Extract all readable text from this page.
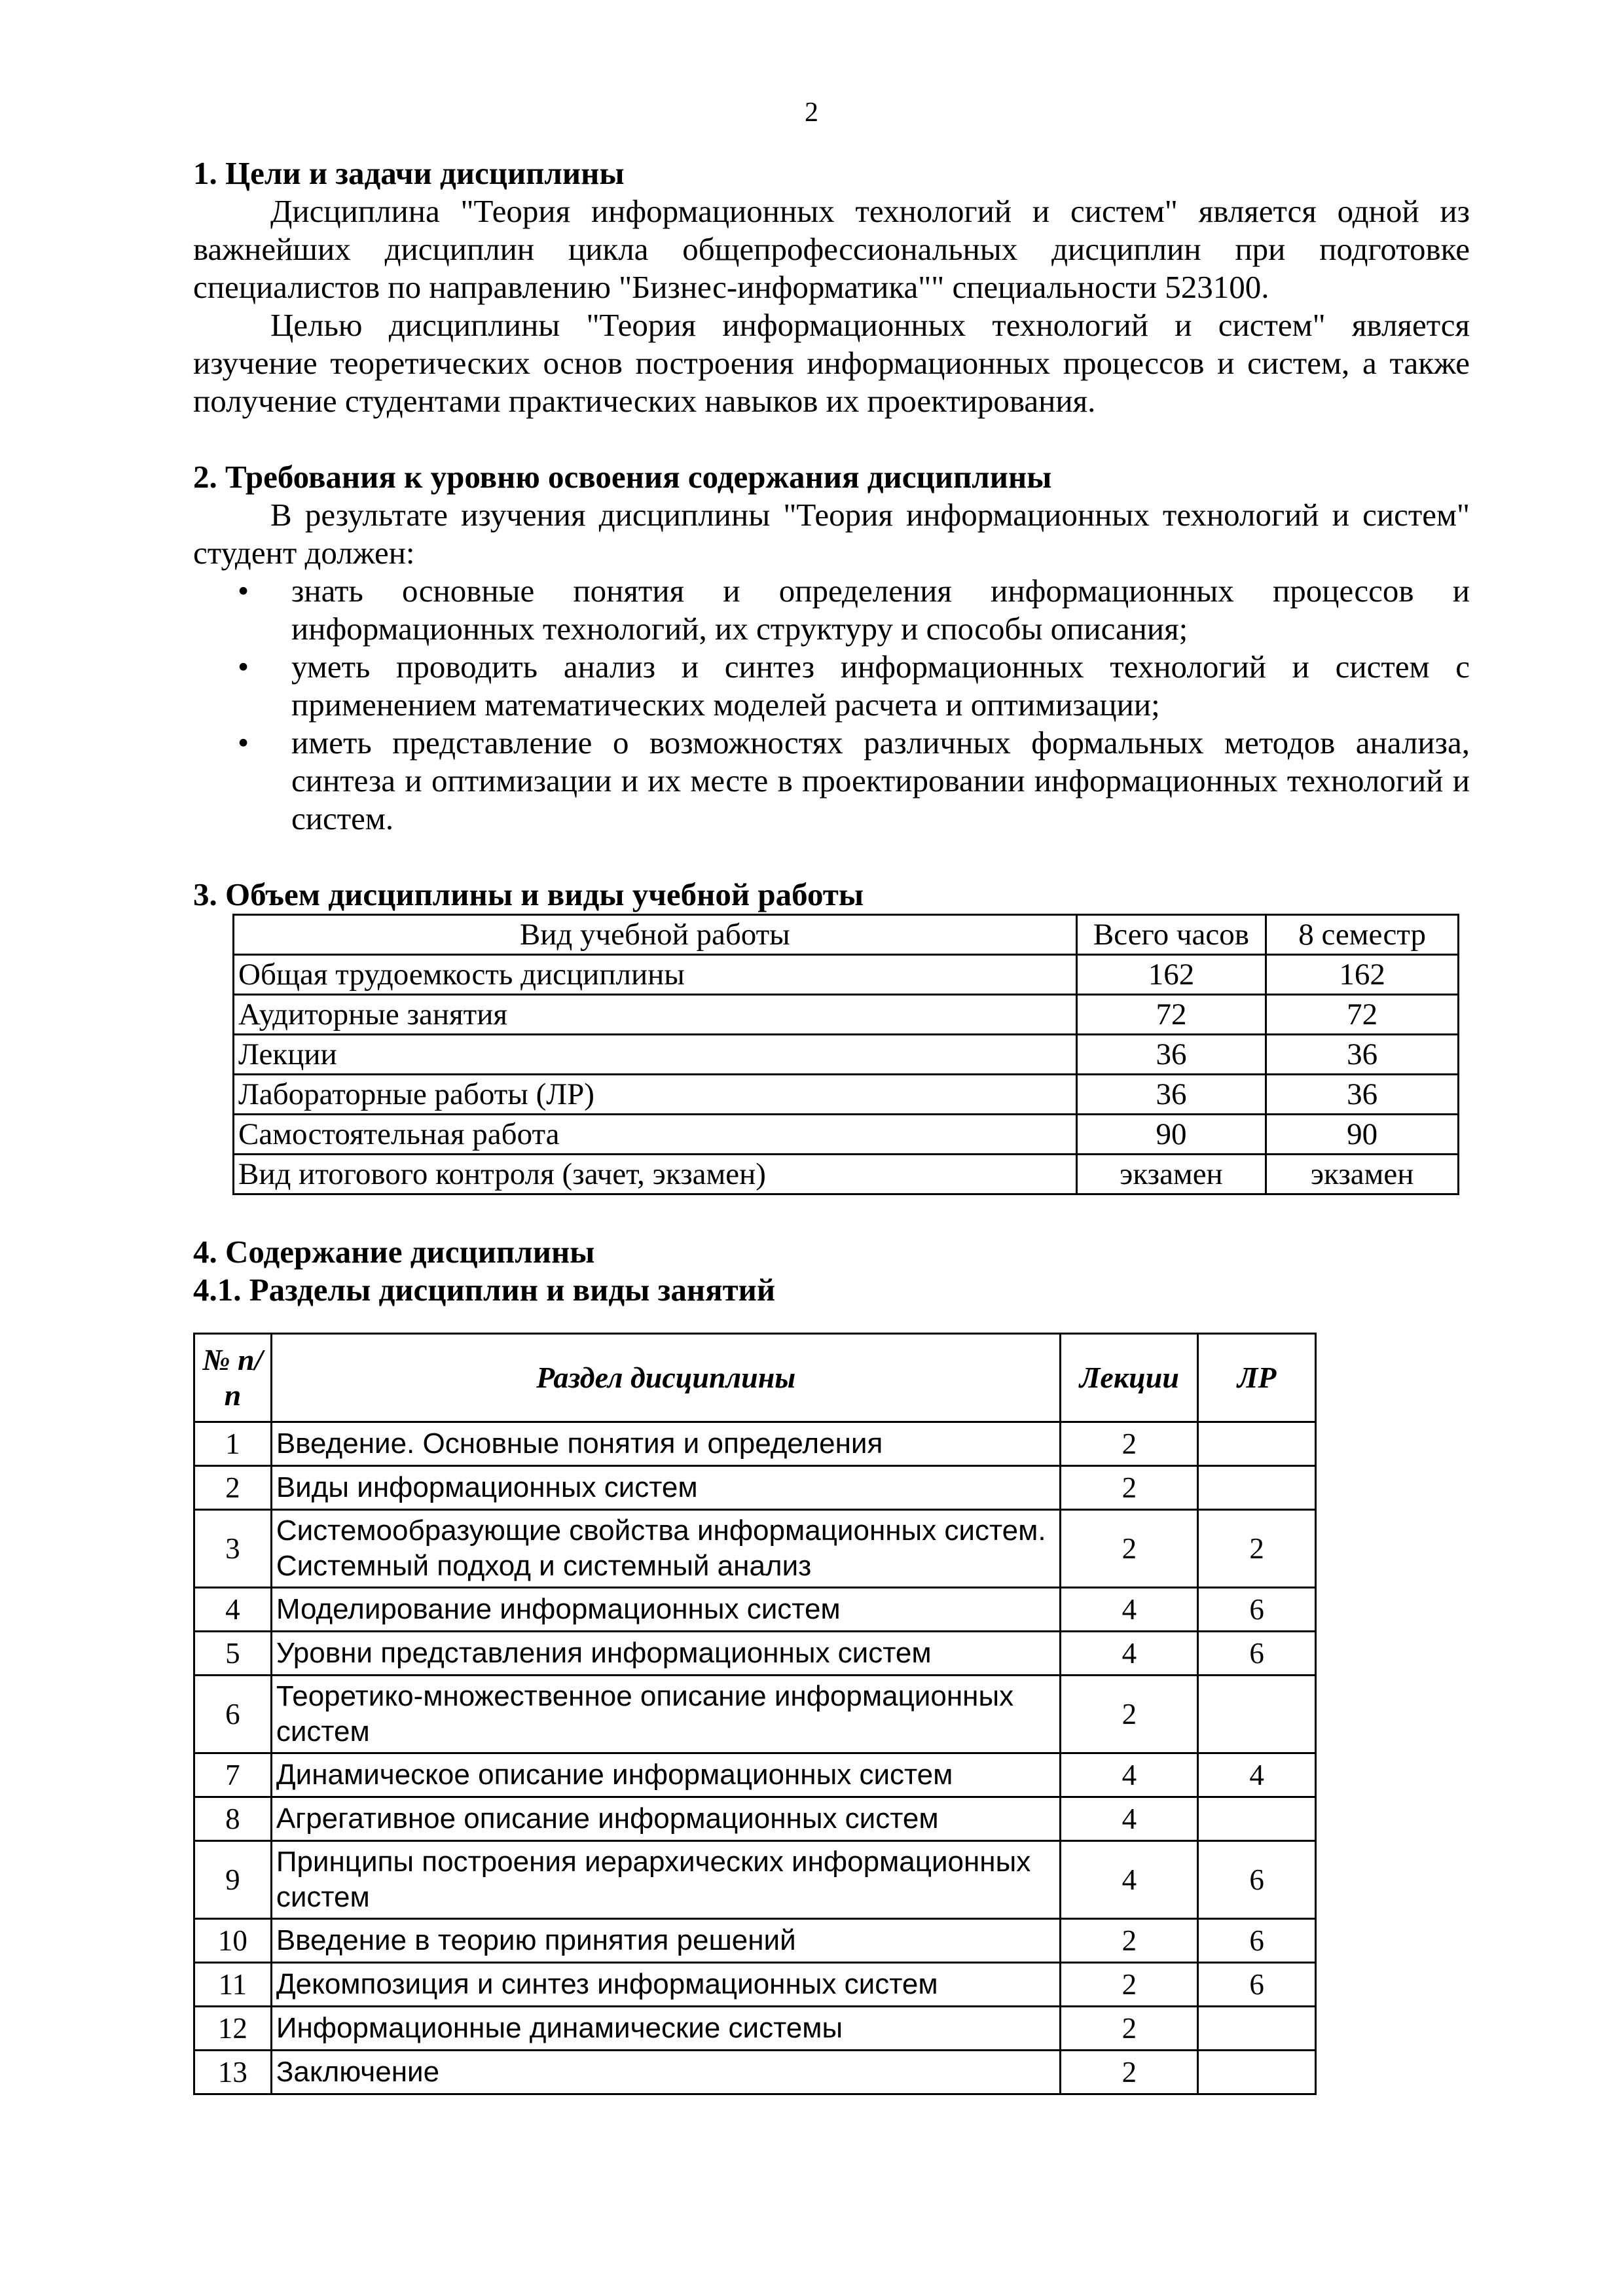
2
1. Цели и задачи дисциплины

Дисциплина "Теория информационных технологий и систем" является одной из важнейших дисциплин цикла общепрофессиональных дисциплин при подготовке специалистов по направлению "Бизнес-информатика"" специальности 523100.

Целью дисциплины "Теория информационных технологий и систем" является изучение теоретических основ построения информационных процессов и систем, а также получение студентами практических навыков их проектирования.

2. Требования к уровню освоения содержания дисциплины

В результате изучения дисциплины "Теория информационных технологий и систем" студент должен:

• знать основные понятия и определения информационных процессов и информационных технологий, их структуру и способы описания;
• уметь проводить анализ и синтез информационных технологий и систем с применением математических моделей расчета и оптимизации;
• иметь представление о возможностях различных формальных методов анализа, синтеза и оптимизации и их месте в проектировании информационных технологий и систем.
3. Объем дисциплины и виды учебной работы
Вид учебной работы	Всего часов	8 семестр
Общая трудоемкость дисциплины	162	162
Аудиторные занятия	72	72
Лекции	36	36
Лабораторные работы (ЛР)	36	36
Самостоятельная работа	90	90
Вид итогового контроля (зачет, экзамен)	экзамен	экзамен
4. Содержание дисциплины
4.1. Разделы дисциплин и виды занятий
№ п/п	Раздел дисциплины	Лекции	ЛР
1	Введение. Основные понятия и определения	2	
2	Виды информационных систем	2	
3	Системообразующие свойства информационных систем. Системный подход и системный анализ	2	2
4	Моделирование информационных систем	4	6
5	Уровни представления информационных систем	4	6
6	Теоретико-множественное описание информационных систем	2	
7	Динамическое описание информационных систем	4	4
8	Агрегативное описание информационных систем	4	
9	Принципы построения иерархических информационных систем	4	6
10	Введение в теорию принятия решений	2	6
11	Декомпозиция и синтез информационных систем	2	6
12	Информационные динамические системы	2	
13	Заключение	2	
